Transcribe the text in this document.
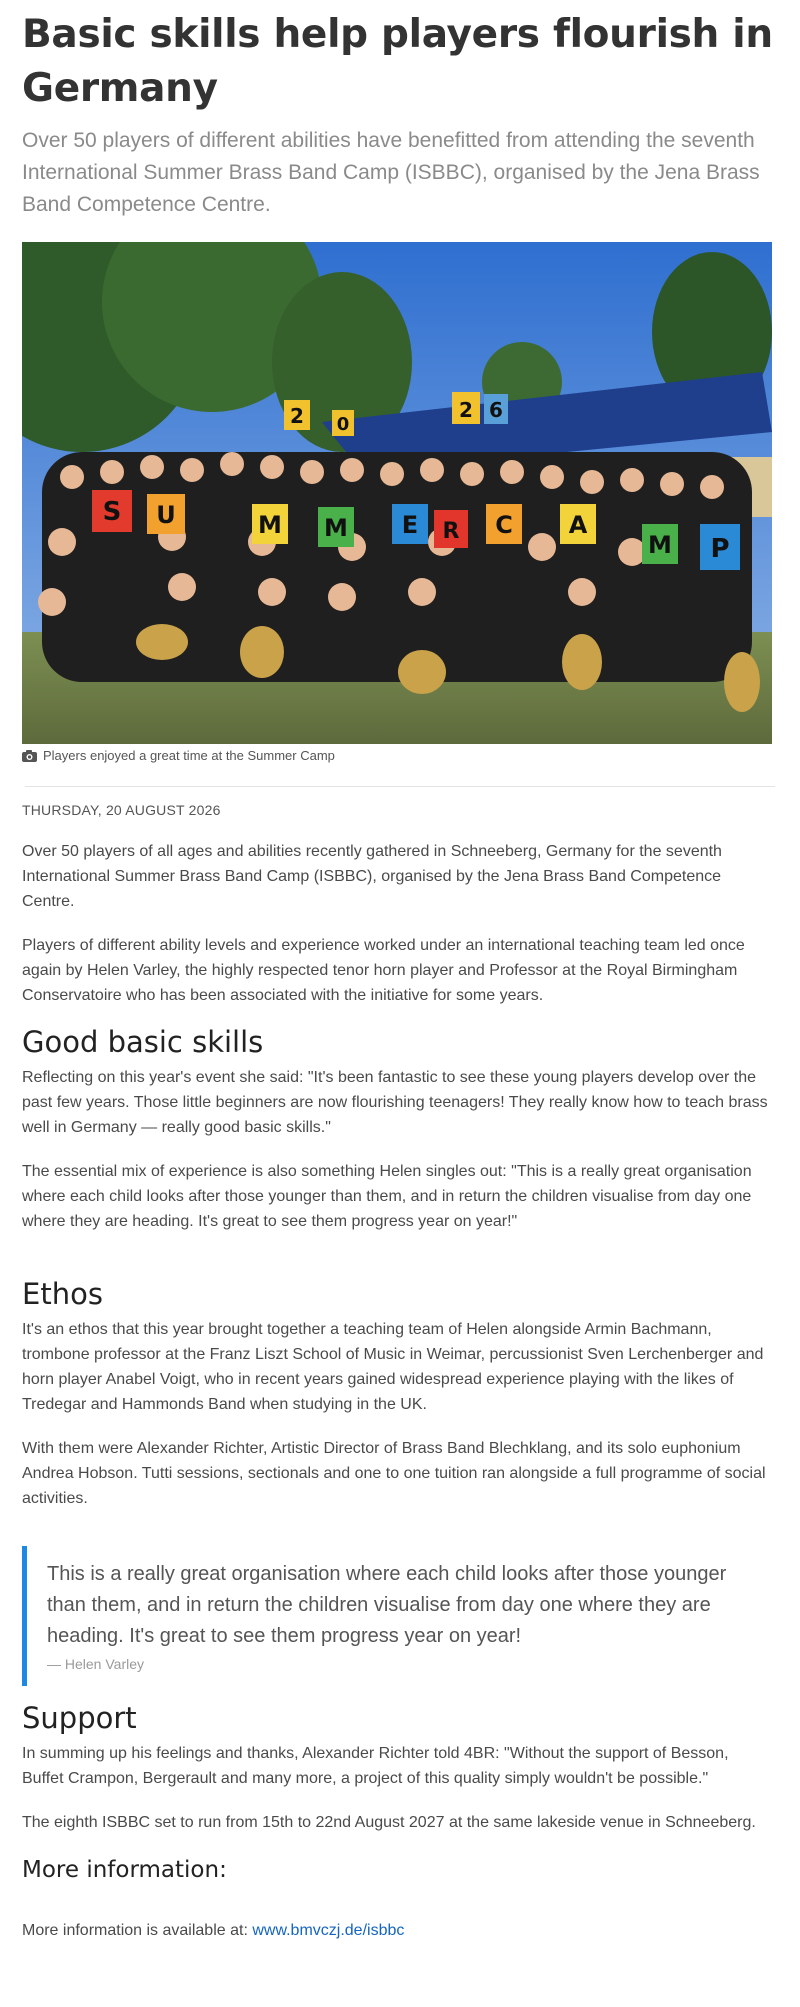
Basic skills help players flourish in Germany

Over 50 players of different abilities have benefitted from attending the seventh International Summer Brass Band Camp (ISBBC), organised by the Jena Brass Band Competence Centre.

2 0
2 6
S U	M M E R C A
M P
Players enjoyed a great time at the Summer Camp
THURSDAY, 20 AUGUST 2026

Over 50 players of all ages and abilities recently gathered in Schneeberg, Germany for the seventh International Summer Brass Band Camp (ISBBC), organised by the Jena Brass Band Competence Centre.

Players of different ability levels and experience worked under an international teaching team led once again by Helen Varley, the highly respected tenor horn player and Professor at the Royal Birmingham Conservatoire who has been associated with the initiative for some years.

Good basic skills

Reflecting on this year's event she said: "It's been fantastic to see these young players develop over the past few years. Those little beginners are now flourishing teenagers! They really know how to teach brass well in Germany — really good basic skills."

The essential mix of experience is also something Helen singles out: "This is a really great organisation where each child looks after those younger than them, and in return the children visualise from day one where they are heading. It's great to see them progress year on year!"

Ethos

It's an ethos that this year brought together a teaching team of Helen alongside Armin Bachmann, trombone professor at the Franz Liszt School of Music in Weimar, percussionist Sven Lerchenberger and horn player Anabel Voigt, who in recent years gained widespread experience playing with the likes of Tredegar and Hammonds Band when studying in the UK.

With them were Alexander Richter, Artistic Director of Brass Band Blechklang, and its solo euphonium Andrea Hobson. Tutti sessions, sectionals and one to one tuition ran alongside a full programme of social activities.

This is a really great organisation where each child looks after those younger than them, and in return the children visualise from day one where they are heading. It's great to see them progress year on year!
— Helen Varley
Support

In summing up his feelings and thanks, Alexander Richter told 4BR: "Without the support of Besson, Buffet Crampon, Bergerault and many more, a project of this quality simply wouldn't be possible."

The eighth ISBBC set to run from 15th to 22nd August 2027 at the same lakeside venue in Schneeberg.

More information:

More information is available at: www.bmvczj.de/isbbc
